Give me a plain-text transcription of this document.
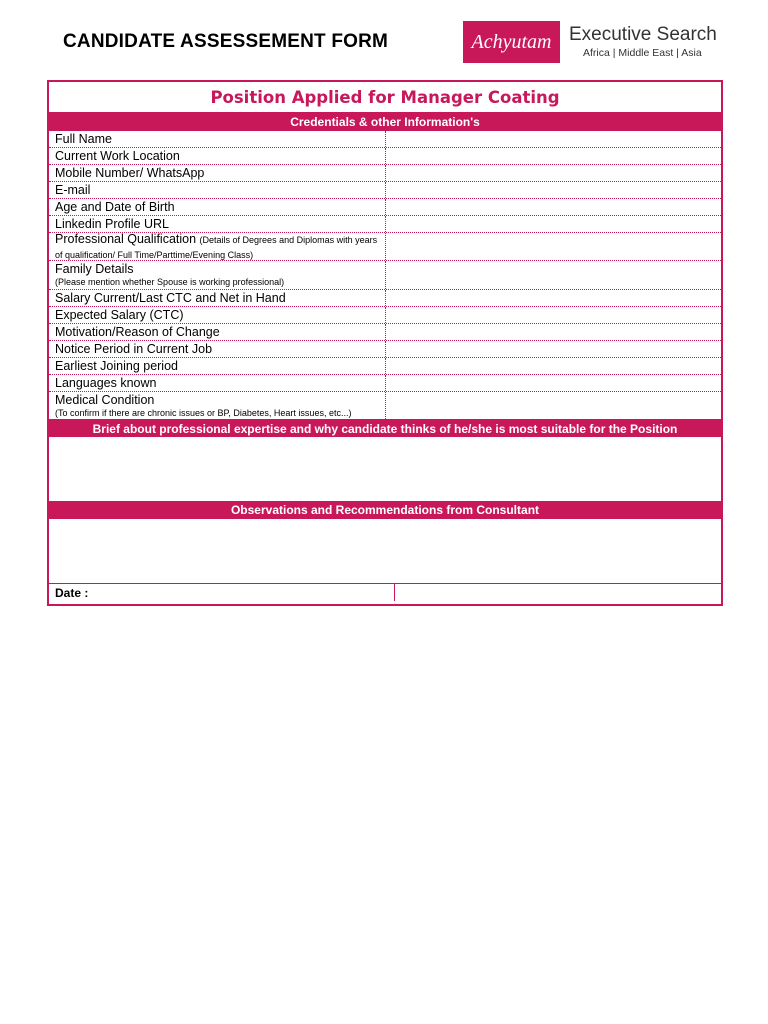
CANDIDATE ASSESSEMENT FORM	Achyutam Executive Search
Africa | Middle East | Asia
Position Applied for Manager Coating
Credentials & other Information's
Full Name
Current Work Location
Mobile Number/ WhatsApp
E-mail
Age and Date of Birth
Linkedin Profile URL
Professional Qualification (Details of Degrees and Diplomas with years of qualification/ Full Time/Parttime/Evening Class)
Family Details
(Please mention whether Spouse is working professional)
Salary Current/Last CTC and Net in Hand
Expected Salary (CTC)
Motivation/Reason of Change
Notice Period in Current Job
Earliest Joining period
Languages known
Medical Condition
(To confirm if there are chronic issues or BP, Diabetes, Heart issues, etc...)
Brief about professional expertise and why candidate thinks of he/she is most suitable for the Position
Observations and Recommendations from Consultant
Date :
